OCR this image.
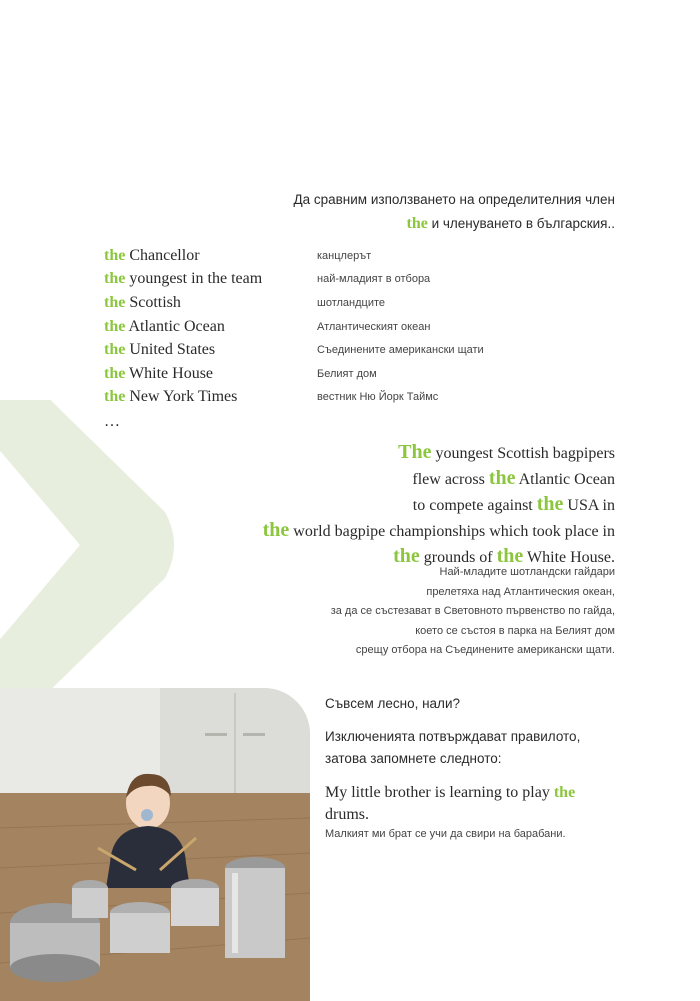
Да сравним използването на определителния член
the и членуването в българския..
the Chancellor	канцлерът
the youngest in the team	най-младият в отбора
the Scottish	шотландците
the Atlantic Ocean	Атлантическият океан
the United States	Съединените американски щати
the White House	Белият дом
the New York Times	вестник Ню Йорк Таймс
…
The youngest Scottish bagpipers
flew across the Atlantic Ocean
to compete against the USA in
the world bagpipe championships which took place in
the grounds of the White House.
Най-младите шотландски гайдари
прелетяха над Атлантическия океан,
за да се състезават в Световното първенство по гайда,
което се състоя в парка на Белият дом
срещу отбора на Съединените американски щати.

Съвсем лесно, нали?

Изключенията потвърждават правилото, затова запомнете следното:

My little brother is learning to play the drums.

Малкият ми брат се учи да свири на барабани.
